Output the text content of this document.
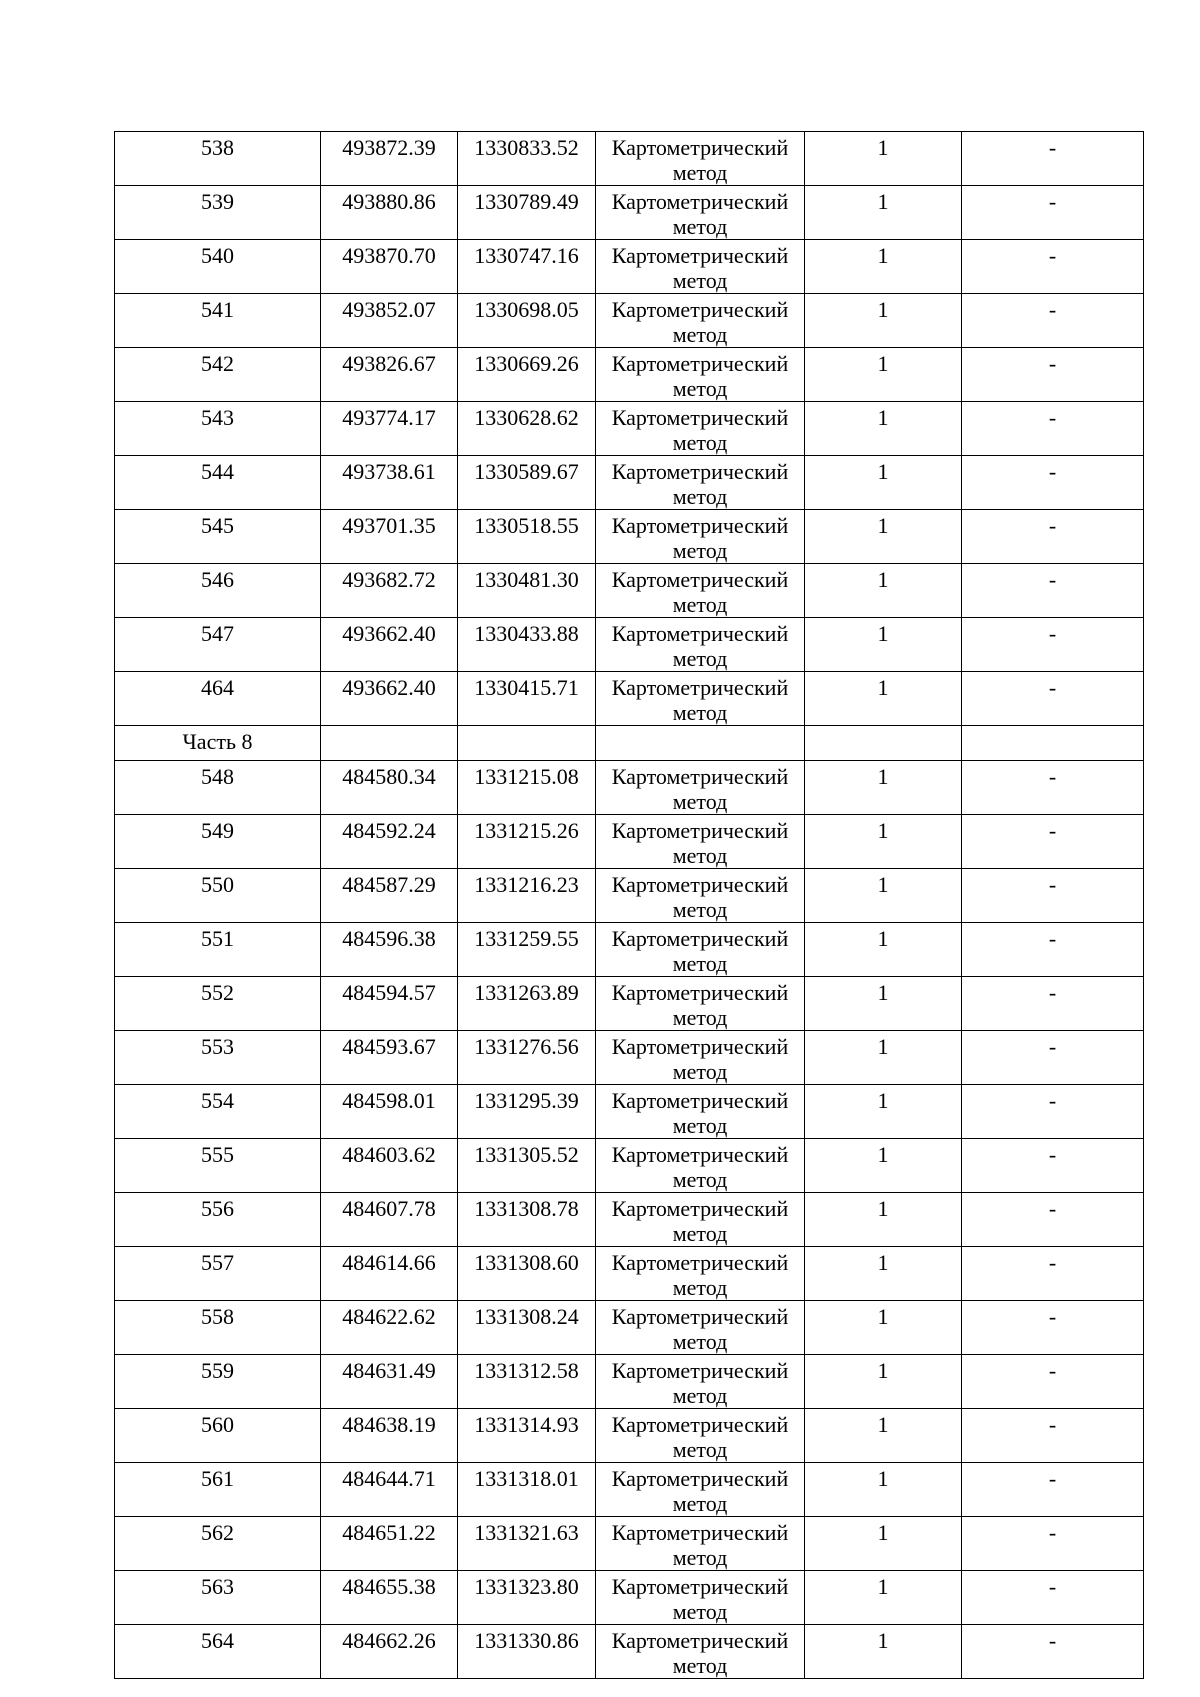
538	493872.39	1330833.52	Картометрический метод	1	-

539	493880.86	1330789.49	Картометрический метод	1	-

540	493870.70	1330747.16	Картометрический метод	1	-

541	493852.07	1330698.05	Картометрический метод	1	-

542	493826.67	1330669.26	Картометрический метод	1	-

543	493774.17	1330628.62	Картометрический метод	1	-

544	493738.61	1330589.67	Картометрический метод	1	-

545	493701.35	1330518.55	Картометрический метод	1	-

546	493682.72	1330481.30	Картометрический метод	1	-

547	493662.40	1330433.88	Картометрический метод	1	-

464	493662.40	1330415.71	Картометрический метод	1	-

Часть 8					

548	484580.34	1331215.08	Картометрический метод	1	-

549	484592.24	1331215.26	Картометрический метод	1	-

550	484587.29	1331216.23	Картометрический метод	1	-

551	484596.38	1331259.55	Картометрический метод	1	-

552	484594.57	1331263.89	Картометрический метод	1	-

553	484593.67	1331276.56	Картометрический метод	1	-

554	484598.01	1331295.39	Картометрический метод	1	-

555	484603.62	1331305.52	Картометрический метод	1	-

556	484607.78	1331308.78	Картометрический метод	1	-

557	484614.66	1331308.60	Картометрический метод	1	-

558	484622.62	1331308.24	Картометрический метод	1	-

559	484631.49	1331312.58	Картометрический метод	1	-

560	484638.19	1331314.93	Картометрический метод	1	-

561	484644.71	1331318.01	Картометрический метод	1	-

562	484651.22	1331321.63	Картометрический метод	1	-

563	484655.38	1331323.80	Картометрический метод	1	-

564	484662.26	1331330.86	Картометрический метод	1	-
